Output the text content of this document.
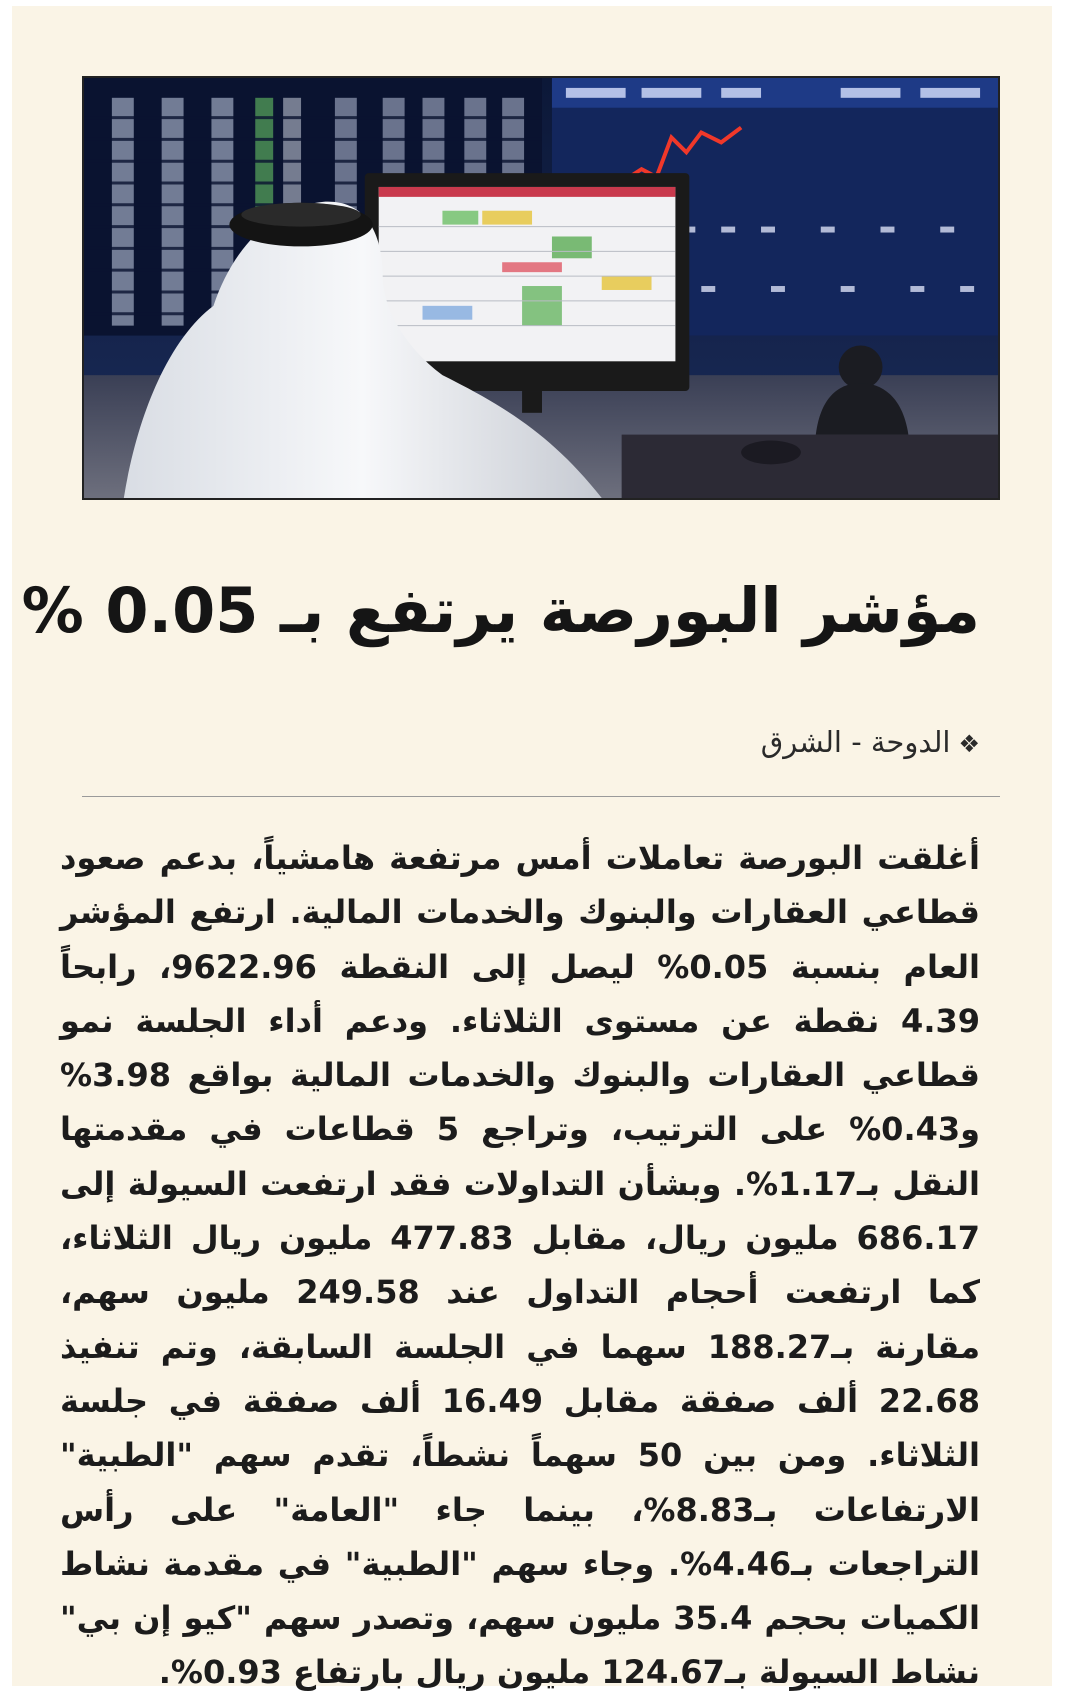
مؤشر البورصة يرتفع بـ 0.05 %
❖الدوحة - الشرق

أغلقت البورصة تعاملات أمس مرتفعة هامشياً، بدعم صعود قطاعي العقارات والبنوك والخدمات المالية. ارتفع المؤشر العام بنسبة 0.05% ليصل إلى النقطة 9622.96، رابحاً 4.39 نقطة عن مستوى الثلاثاء. ودعم أداء الجلسة نمو قطاعي العقارات والبنوك والخدمات المالية بواقع 3.98% و0.43% على الترتيب، وتراجع 5 قطاعات في مقدمتها النقل بـ1.17%. وبشأن التداولات فقد ارتفعت السيولة إلى 686.17 مليون ريال، مقابل 477.83 مليون ريال الثلاثاء، كما ارتفعت أحجام التداول عند 249.58 مليون سهم، مقارنة بـ188.27 سهما في الجلسة السابقة، وتم تنفيذ 22.68 ألف صفقة مقابل 16.49 ألف صفقة في جلسة الثلاثاء. ومن بين 50 سهماً نشطاً، تقدم سهم "الطبية" الارتفاعات بـ8.83%، بينما جاء "العامة" على رأس التراجعات بـ4.46%. وجاء سهم "الطبية" في مقدمة نشاط الكميات بحجم 35.4 مليون سهم، وتصدر سهم "كيو إن بي" نشاط السيولة بـ124.67 مليون ريال بارتفاع 0.93%.
